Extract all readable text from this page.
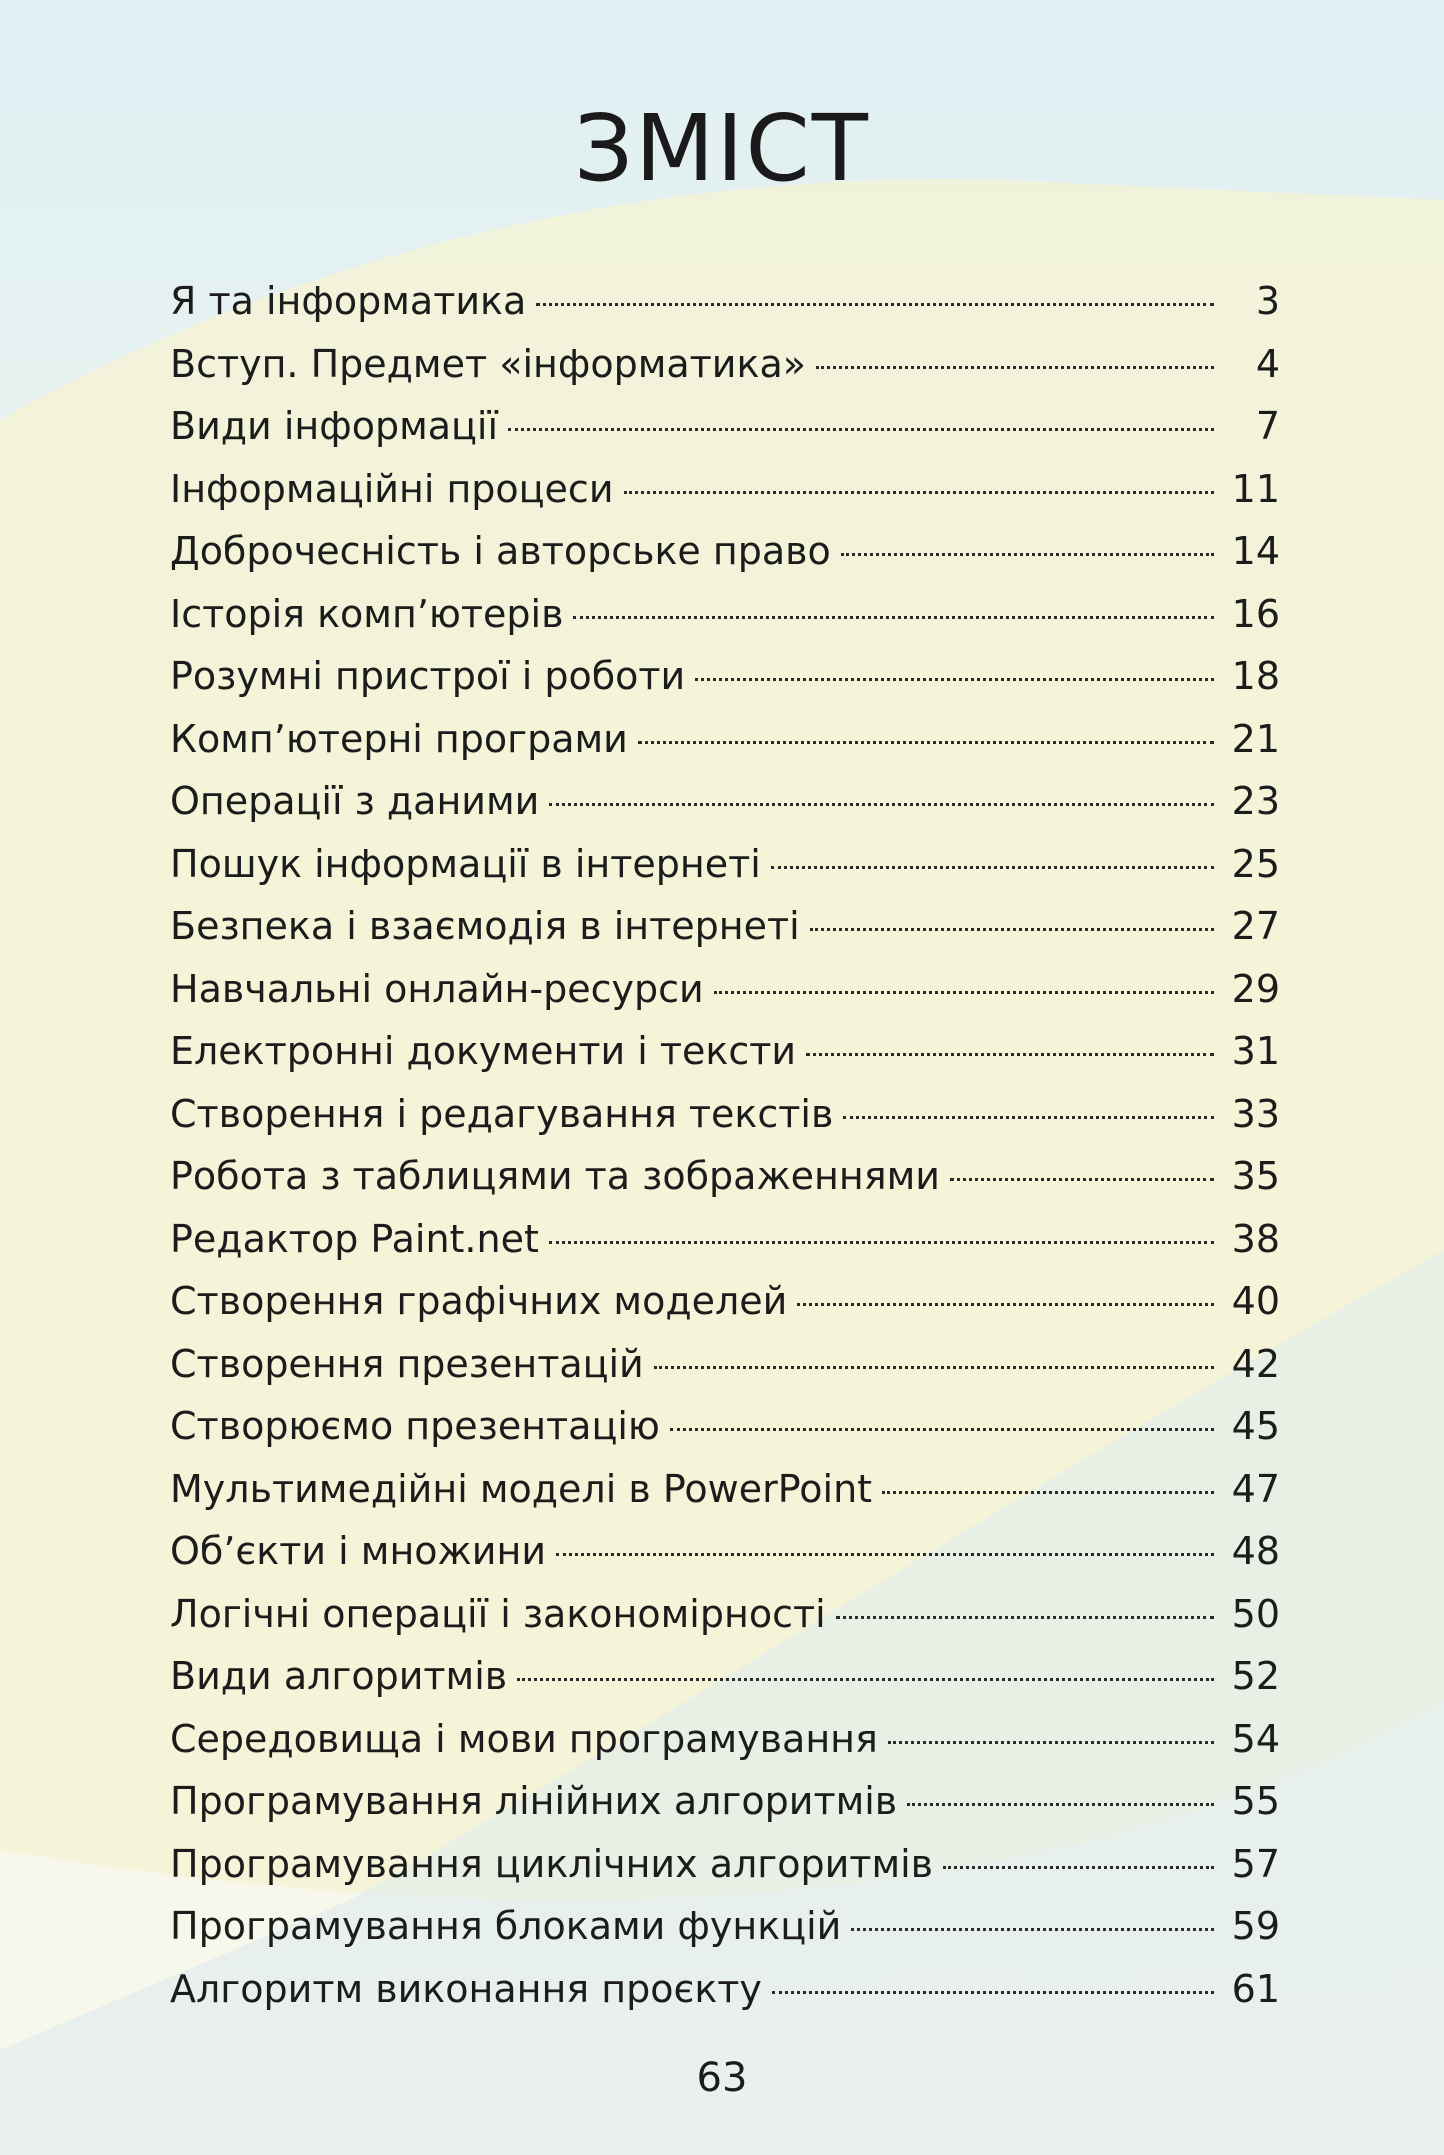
ЗМІСТ
Я та інформатика	3
Вступ. Предмет «інформатика»	4
Види інформації	7
Інформаційні процеси	11
Доброчесність і авторське право	14
Історія комп’ютерів	16
Розумні пристрої і роботи	18
Комп’ютерні програми	21
Операції з даними	23
Пошук інформації в інтернеті	25
Безпека і взаємодія в інтернеті	27
Навчальні онлайн-ресурси	29
Електронні документи і тексти	31
Створення і редагування текстів	33
Робота з таблицями та зображеннями	35
Редактор Paint.net	38
Створення графічних моделей	40
Створення презентацій	42
Створюємо презентацію	45
Мультимедійні моделі в PowerPoint	47
Об’єкти і множини	48
Логічні операції і закономірності	50
Види алгоритмів	52
Середовища і мови програмування	54
Програмування лінійних алгоритмів	55
Програмування циклічних алгоритмів	57
Програмування блоками функцій	59
Алгоритм виконання проєкту	61
63
